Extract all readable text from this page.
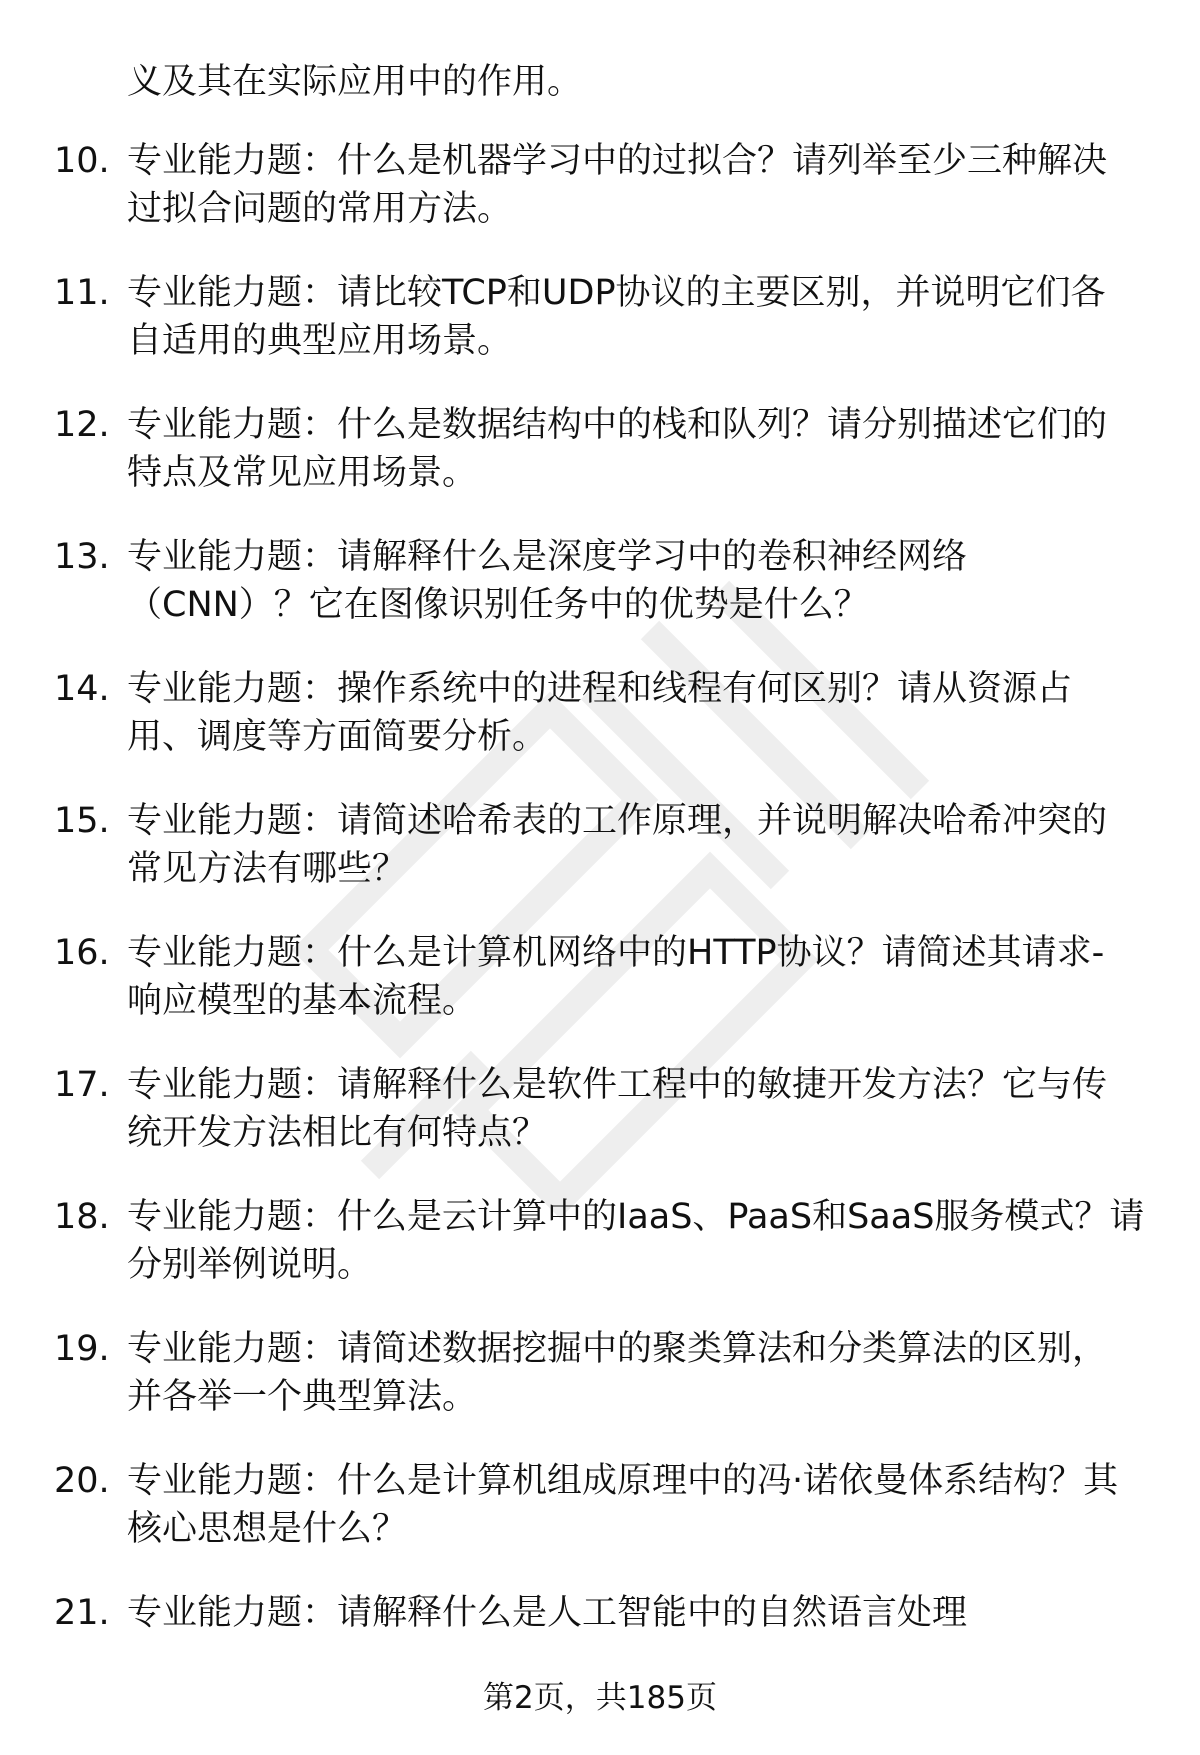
义及其在实际应用中的作用。
10. 专业能力题：什么是机器学习中的过拟合？请列举至少三种解决
过拟合问题的常用方法。
11. 专业能力题：请比较TCP和UDP协议的主要区别，并说明它们各
自适用的典型应用场景。
12. 专业能力题：什么是数据结构中的栈和队列？请分别描述它们的
特点及常见应用场景。
13. 专业能力题：请解释什么是深度学习中的卷积神经网络
（CNN）？它在图像识别任务中的优势是什么？
14. 专业能力题：操作系统中的进程和线程有何区别？请从资源占
用、调度等方面简要分析。
15. 专业能力题：请简述哈希表的工作原理，并说明解决哈希冲突的
常见方法有哪些？
16. 专业能力题：什么是计算机网络中的HTTP协议？请简述其请求-
响应模型的基本流程。
17. 专业能力题：请解释什么是软件工程中的敏捷开发方法？它与传
统开发方法相比有何特点？
18. 专业能力题：什么是云计算中的IaaS、PaaS和SaaS服务模式？请
分别举例说明。
19. 专业能力题：请简述数据挖掘中的聚类算法和分类算法的区别，
并各举一个典型算法。
20. 专业能力题：什么是计算机组成原理中的冯·诺依曼体系结构？其
核心思想是什么？
21. 专业能力题：请解释什么是人工智能中的自然语言处理
第2页，共185页
